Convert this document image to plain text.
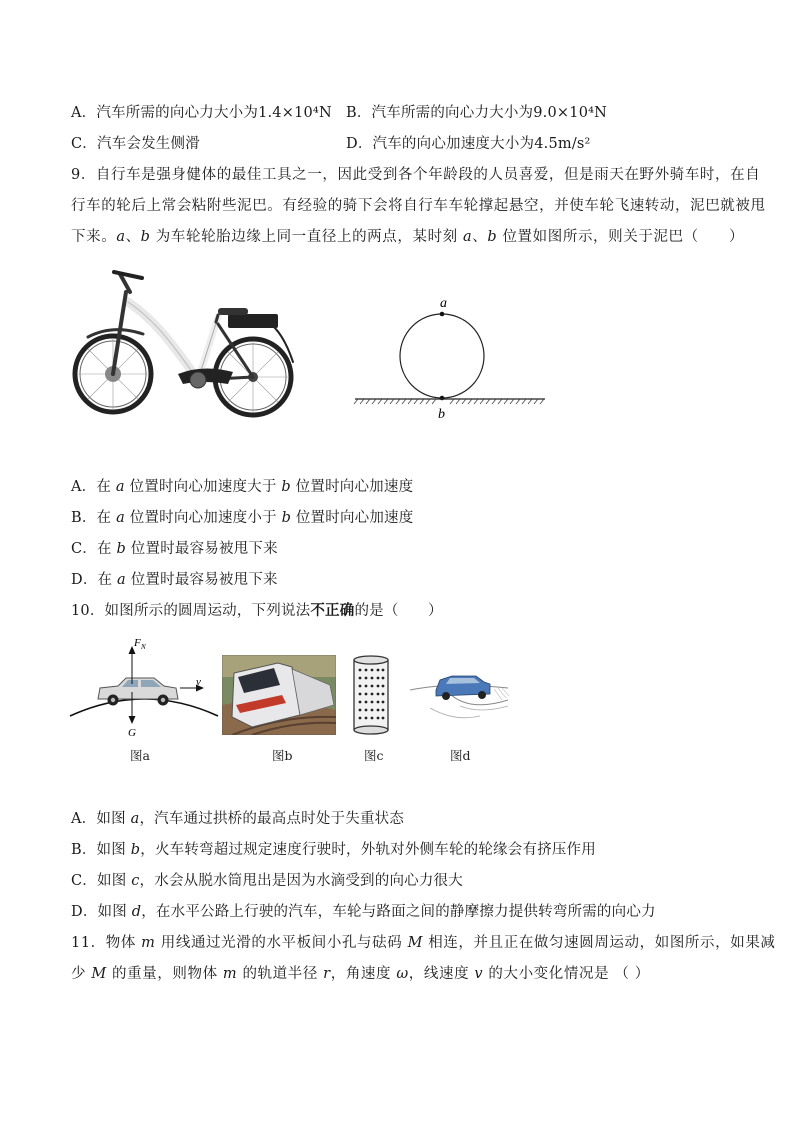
A．汽车所需的向心力大小为1.4×10⁴N B．汽车所需的向心力大小为9.0×10⁴N
C．汽车会发生侧滑	D．汽车的向心加速度大小为4.5m/s²
9．自行车是强身健体的最佳工具之一，因此受到各个年龄段的人员喜爱，但是雨天在野外骑车时，在自
行车的轮后上常会粘附些泥巴。有经验的骑下会将自行车车轮撑起悬空，并使车轮飞速转动，泥巴就被甩
下来。a、b 为车轮轮胎边缘上同一直径上的两点，某时刻 a、b 位置如图所示，则关于泥巴（　　）
a
b
A．在 a 位置时向心加速度大于 b 位置时向心加速度
B．在 a 位置时向心加速度小于 b 位置时向心加速度
C．在 b 位置时最容易被甩下来
D．在 a 位置时最容易被甩下来
10．如图所示的圆周运动，下列说法不正确的是（　　）
F N
G
v
图a	图b	图c	图d
A．如图 a，汽车通过拱桥的最高点时处于失重状态
B．如图 b，火车转弯超过规定速度行驶时，外轨对外侧车轮的轮缘会有挤压作用
C．如图 c，水会从脱水筒甩出是因为水滴受到的向心力很大
D．如图 d，在水平公路上行驶的汽车，车轮与路面之间的静摩擦力提供转弯所需的向心力
11．物体 m 用线通过光滑的水平板间小孔与砝码 M 相连，并且正在做匀速圆周运动，如图所示，如果减
少 M 的重量，则物体 m 的轨道半径 r，角速度 ω，线速度 v 的大小变化情况是 （ ）
